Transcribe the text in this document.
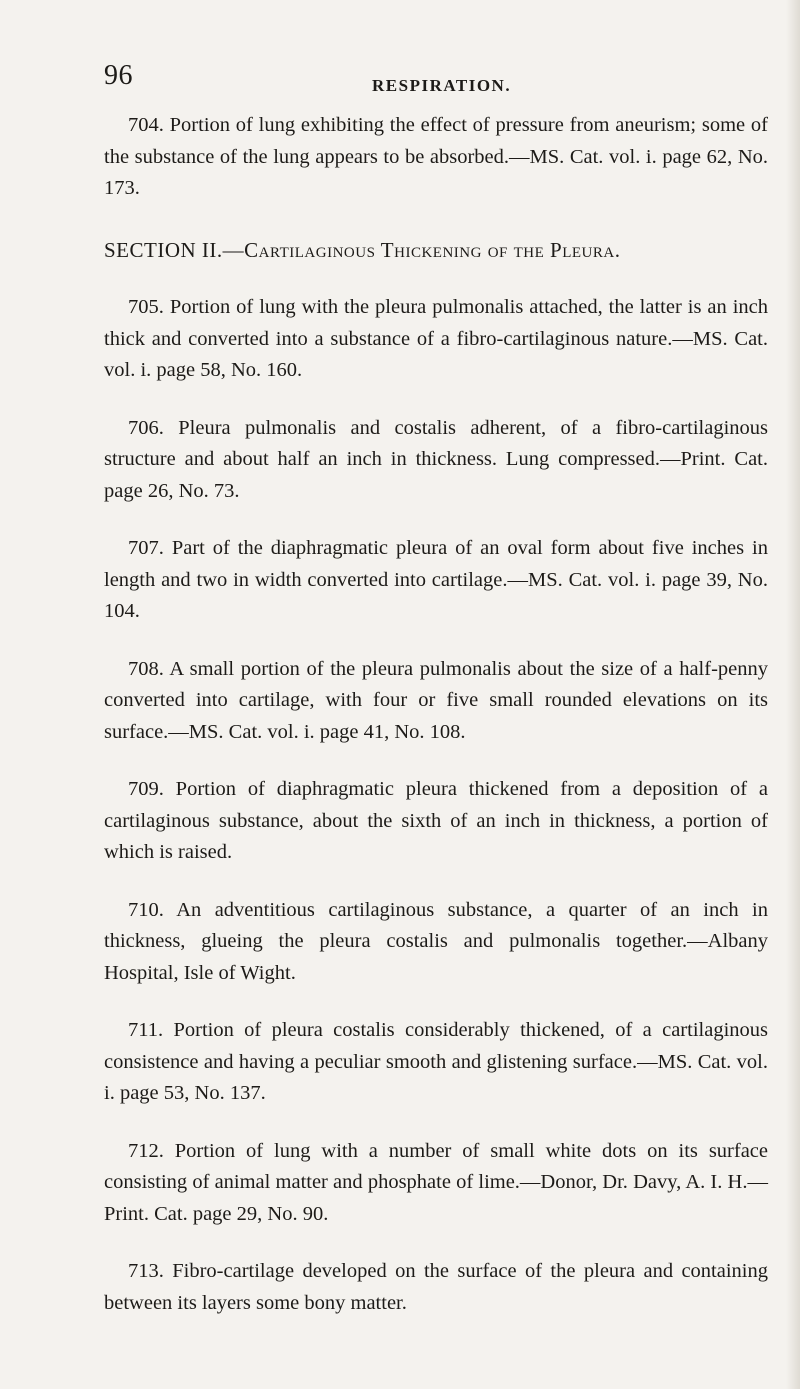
96	RESPIRATION.

704. Portion of lung exhibiting the effect of pressure from aneurism; some of the substance of the lung appears to be absorbed.—MS. Cat. vol. i. page 62, No. 173.

SECTION II.—Cartilaginous Thickening of the Pleura.

705. Portion of lung with the pleura pulmonalis attached, the latter is an inch thick and converted into a substance of a fibro-cartilaginous nature.—MS. Cat. vol. i. page 58, No. 160.

706. Pleura pulmonalis and costalis adherent, of a fibro-cartilaginous structure and about half an inch in thickness. Lung compressed.—Print. Cat. page 26, No. 73.

707. Part of the diaphragmatic pleura of an oval form about five inches in length and two in width converted into cartilage.—MS. Cat. vol. i. page 39, No. 104.

708. A small portion of the pleura pulmonalis about the size of a half-penny converted into cartilage, with four or five small rounded elevations on its surface.—MS. Cat. vol. i. page 41, No. 108.

709. Portion of diaphragmatic pleura thickened from a deposition of a cartilaginous substance, about the sixth of an inch in thickness, a portion of which is raised.

710. An adventitious cartilaginous substance, a quarter of an inch in thickness, glueing the pleura costalis and pulmonalis together.—Albany Hospital, Isle of Wight.

711. Portion of pleura costalis considerably thickened, of a cartilaginous consistence and having a peculiar smooth and glistening surface.—MS. Cat. vol. i. page 53, No. 137.

712. Portion of lung with a number of small white dots on its surface consisting of animal matter and phosphate of lime.—Donor, Dr. Davy, A. I. H.—Print. Cat. page 29, No. 90.

713. Fibro-cartilage developed on the surface of the pleura and containing between its layers some bony matter.
